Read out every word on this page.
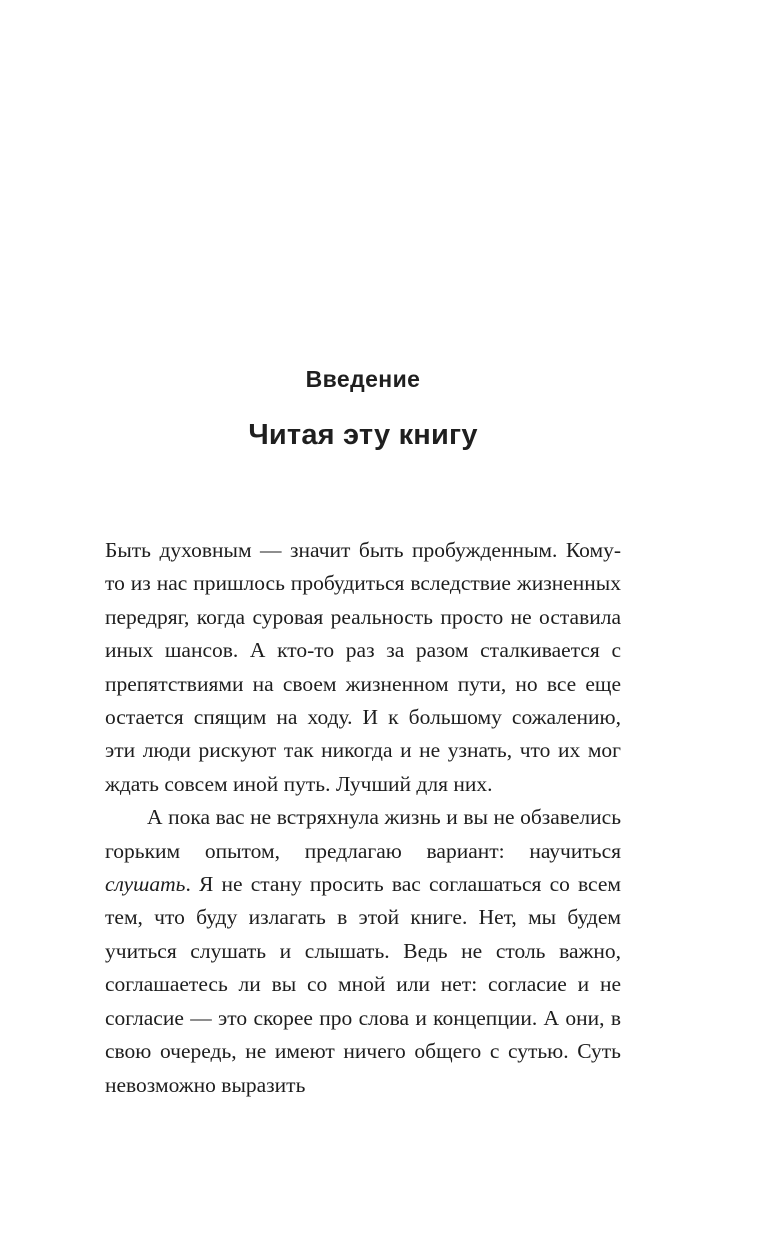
Введение
Читая эту книгу

Быть духовным — значит быть пробужденным. Кому-то из нас пришлось пробудиться вследствие жизненных передряг, когда суровая реальность просто не оставила иных шансов. А кто-то раз за разом сталкивается с препятствиями на своем жизненном пути, но все еще остается спящим на ходу. И к большому сожалению, эти люди рискуют так никогда и не узнать, что их мог ждать совсем иной путь. Лучший для них.

А пока вас не встряхнула жизнь и вы не обзавелись горьким опытом, предлагаю вариант: научиться слушать. Я не стану просить вас соглашаться со всем тем, что буду излагать в этой книге. Нет, мы будем учиться слушать и слышать. Ведь не столь важно, соглашаетесь ли вы со мной или нет: согласие и не согласие — это скорее про слова и концепции. А они, в свою очередь, не имеют ничего общего с сутью. Суть невозможно выразить
